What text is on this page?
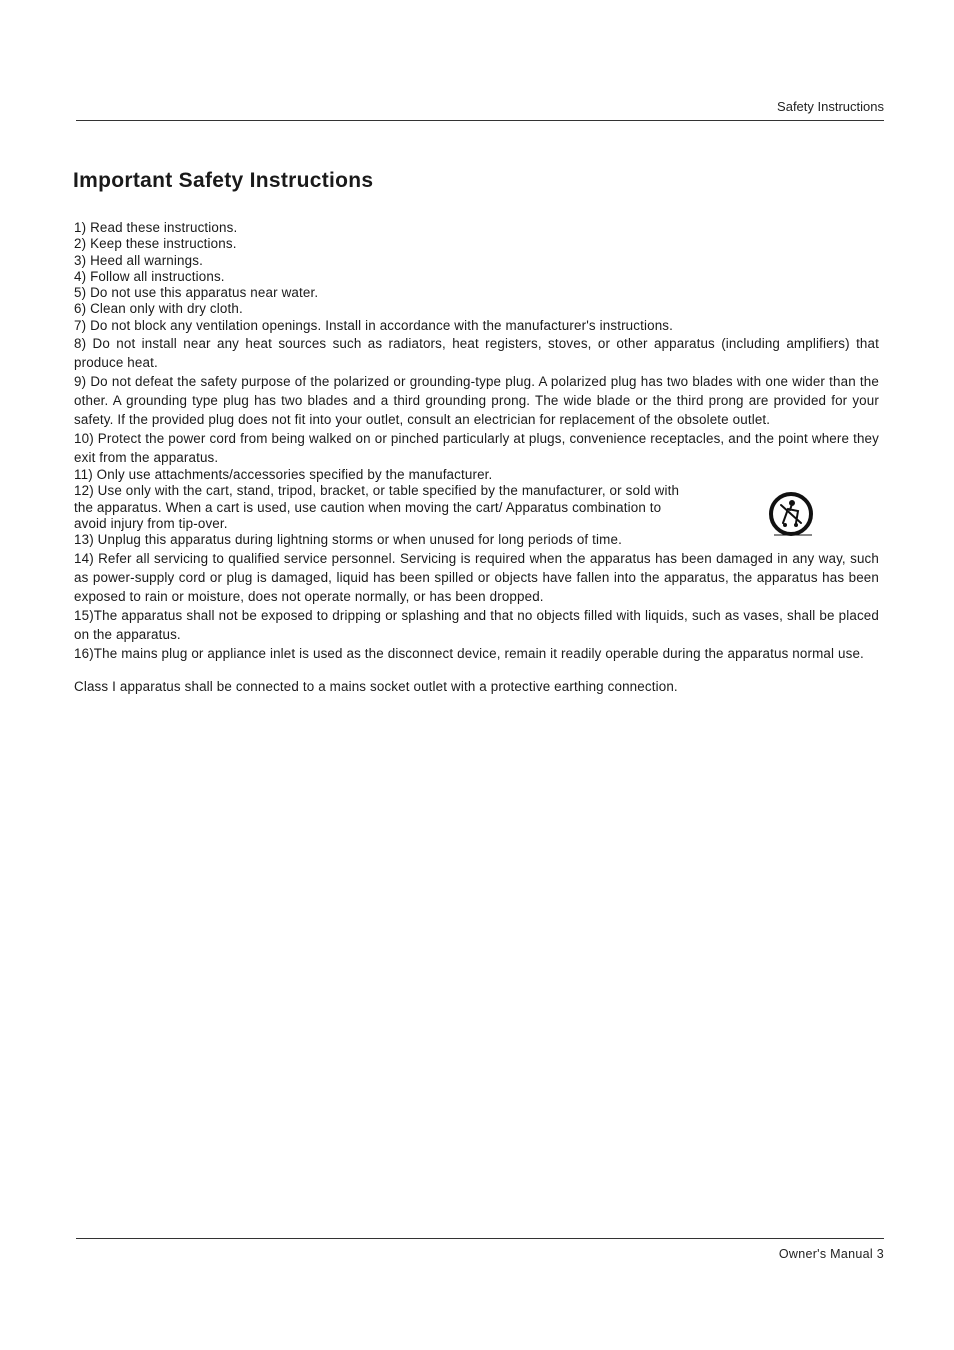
Safety Instructions
Important Safety Instructions

1) Read these instructions.

2) Keep these instructions.

3) Heed all warnings.

4) Follow all instructions.

5) Do not use this apparatus near water.

6) Clean only with dry cloth.

7) Do not block any ventilation openings. Install in accordance with the manufacturer's instructions.

8) Do not install near any heat sources such as radiators, heat registers, stoves, or other apparatus (including amplifiers) that produce heat.

9) Do not defeat the safety purpose of the polarized or grounding-type plug. A polarized plug has two blades with one wider than the other. A grounding type plug has two blades and a third grounding prong. The wide blade or the third prong are provided for your safety. If the provided plug does not fit into your outlet, consult an electrician for replacement of the obsolete outlet.

10) Protect the power cord from being walked on or pinched particularly at plugs, convenience receptacles, and the point where they exit from the apparatus.

11) Only use attachments/accessories specified by the manufacturer.

12) Use only with the cart, stand, tripod, bracket, or table specified by the manufacturer, or sold with the apparatus. When a cart is used, use caution when moving the cart/ Apparatus combination to avoid injury from tip-over.

13) Unplug this apparatus during lightning storms or when unused for long periods of time.

14) Refer all servicing to qualified service personnel. Servicing is required when the apparatus has been damaged in any way, such as power-supply cord or plug is damaged, liquid has been spilled or objects have fallen into the apparatus, the apparatus has been exposed to rain or moisture, does not operate normally, or has been dropped.

15)The apparatus shall not be exposed to dripping or splashing and that no objects filled with liquids, such as vases, shall be placed on the apparatus.

16)The mains plug or appliance inlet is used as the disconnect device, remain it readily operable during the apparatus normal use.

Class I apparatus shall be connected to a mains socket outlet with a protective earthing connection.

Owner's Manual 3
